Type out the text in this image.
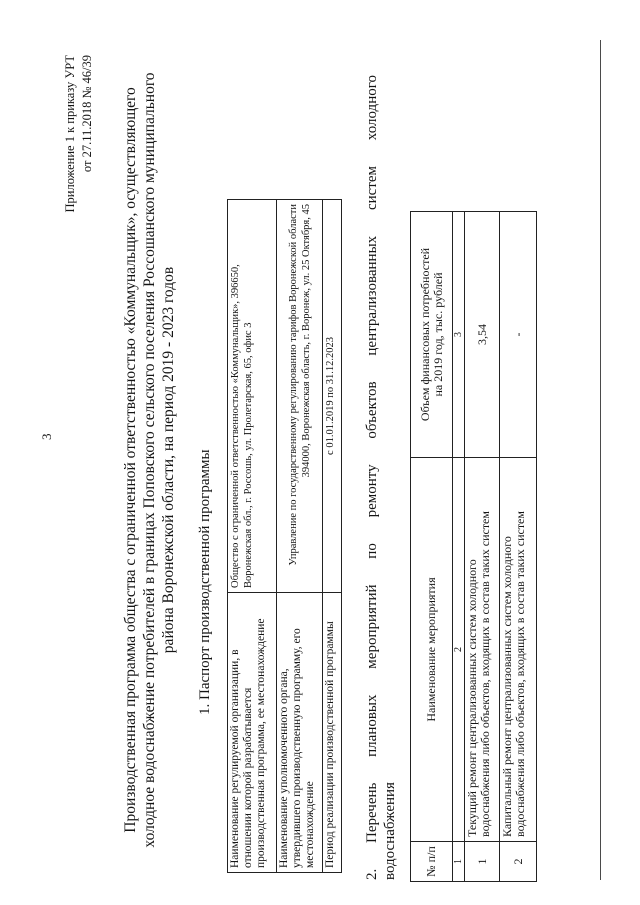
Приложение 1 к приказу УРТ от 27.11.2018 № 46/39
3	Производственная программа общества с ограниченной ответственностью «Коммунальщик», осуществляющего холодное водоснабжение потребителей в границах Поповского сельского поселения Россошанского муниципального района Воронежской области, на период 2019 - 2023 годов 1. Паспорт производственной программы
Наименование регулируемой организации, в отношении которой разрабатывается производственная программа, ее местонахождение	Общество с ограниченной ответственностью «Коммунальщик», 396650, Воронежская обл., г. Россошь, ул. Пролетарская, 65, офис 3

Наименование уполномоченного органа, утвердившего производственную программу, его местонахождение	Управление по государственному регулированию тарифов Воронежской области 394000, Воронежская область, г. Воронеж, ул. 25 Октября, 45

Период реализации производственной программы	с 01.01.2019 по 31.12.2023 2. Перечень плановых мероприятий по ремонту объектов централизованных систем холодного водоснабжения № п/п	Наименование мероприятия	Объем финансовых потребностей на 2019 год, тыс. рублей

1	2	3
1	Текущий ремонт централизованных систем холодного водоснабжения либо объектов, входящих в состав таких систем	3,54
2	Капитальный ремонт централизованных систем холодного водоснабжения либо объектов, входящих в состав таких систем	-
